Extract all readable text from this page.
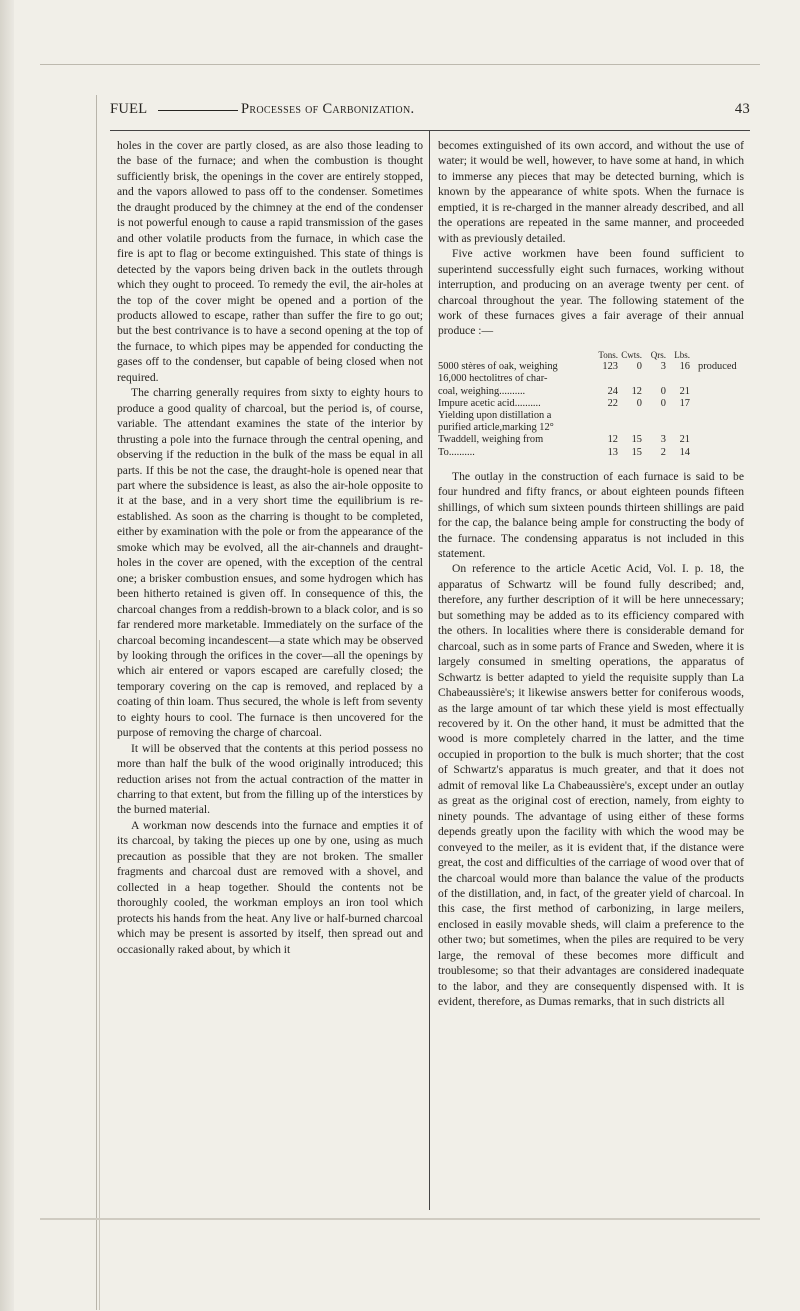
FUEL	Processes of Carbonization.	43

holes in the cover are partly closed, as are also those leading to the base of the furnace; and when the combustion is thought sufficiently brisk, the openings in the cover are entirely stopped, and the vapors allowed to pass off to the condenser. Sometimes the draught produced by the chimney at the end of the condenser is not powerful enough to cause a rapid transmission of the gases and other volatile products from the furnace, in which case the fire is apt to flag or become extinguished. This state of things is detected by the vapors being driven back in the outlets through which they ought to proceed. To remedy the evil, the air-holes at the top of the cover might be opened and a portion of the products allowed to escape, rather than suffer the fire to go out; but the best contrivance is to have a second opening at the top of the furnace, to which pipes may be appended for conducting the gases off to the condenser, but capable of being closed when not required.

The charring generally requires from sixty to eighty hours to produce a good quality of charcoal, but the period is, of course, variable. The attendant examines the state of the interior by thrusting a pole into the furnace through the central opening, and observing if the reduction in the bulk of the mass be equal in all parts. If this be not the case, the draught-hole is opened near that part where the subsidence is least, as also the air-hole opposite to it at the base, and in a very short time the equilibrium is re-established. As soon as the charring is thought to be completed, either by examination with the pole or from the appearance of the smoke which may be evolved, all the air-channels and draught-holes in the cover are opened, with the exception of the central one; a brisker combustion ensues, and some hydrogen which has been hitherto retained is given off. In consequence of this, the charcoal changes from a reddish-brown to a black color, and is so far rendered more marketable. Immediately on the surface of the charcoal becoming incandescent—a state which may be observed by looking through the orifices in the cover—all the openings by which air entered or vapors escaped are carefully closed; the temporary covering on the cap is removed, and replaced by a coating of thin loam. Thus secured, the whole is left from seventy to eighty hours to cool. The furnace is then uncovered for the purpose of removing the charge of charcoal.

It will be observed that the contents at this period possess no more than half the bulk of the wood originally introduced; this reduction arises not from the actual contraction of the matter in charring to that extent, but from the filling up of the interstices by the burned material.

A workman now descends into the furnace and empties it of its charcoal, by taking the pieces up one by one, using as much precaution as possible that they are not broken. The smaller fragments and charcoal dust are removed with a shovel, and collected in a heap together. Should the contents not be thoroughly cooled, the workman employs an iron tool which protects his hands from the heat. Any live or half-burned charcoal which may be present is assorted by itself, then spread out and occasionally raked about, by which it

becomes extinguished of its own accord, and without the use of water; it would be well, however, to have some at hand, in which to immerse any pieces that may be detected burning, which is known by the appearance of white spots. When the furnace is emptied, it is re-charged in the manner already described, and all the operations are repeated in the same manner, and proceeded with as previously detailed.

Five active workmen have been found sufficient to superintend successfully eight such furnaces, working without interruption, and producing on an average twenty per cent. of charcoal throughout the year. The following statement of the work of these furnaces gives a fair average of their annual produce :—

Tons. Cwts. Qrs. Lbs.
5000 stères of oak, weighing	123	0	3	16 produced
16,000 hectolitres of char-
coal, weighing..........	24	12	0	21
Impure acetic acid..........	22	0	0	17
Yielding upon distillation a
purified article,marking 12°
Twaddell, weighing from	12	15	3	21
To..........	13	15	2	14

The outlay in the construction of each furnace is said to be four hundred and fifty francs, or about eighteen pounds fifteen shillings, of which sum sixteen pounds thirteen shillings are paid for the cap, the balance being ample for constructing the body of the furnace. The condensing apparatus is not included in this statement.

On reference to the article Acetic Acid, Vol. I. p. 18, the apparatus of Schwartz will be found fully described; and, therefore, any further description of it will be here unnecessary; but something may be added as to its efficiency compared with the others. In localities where there is considerable demand for charcoal, such as in some parts of France and Sweden, where it is largely consumed in smelting operations, the apparatus of Schwartz is better adapted to yield the requisite supply than La Chabeaussière's; it likewise answers better for coniferous woods, as the large amount of tar which these yield is most effectually recovered by it. On the other hand, it must be admitted that the wood is more completely charred in the latter, and the time occupied in proportion to the bulk is much shorter; that the cost of Schwartz's apparatus is much greater, and that it does not admit of removal like La Chabeaussière's, except under an outlay as great as the original cost of erection, namely, from eighty to ninety pounds. The advantage of using either of these forms depends greatly upon the facility with which the wood may be conveyed to the meiler, as it is evident that, if the distance were great, the cost and difficulties of the carriage of wood over that of the charcoal would more than balance the value of the products of the distillation, and, in fact, of the greater yield of charcoal. In this case, the first method of carbonizing, in large meilers, enclosed in easily movable sheds, will claim a preference to the other two; but sometimes, when the piles are required to be very large, the removal of these becomes more difficult and troublesome; so that their advantages are considered inadequate to the labor, and they are consequently dispensed with. It is evident, therefore, as Dumas remarks, that in such districts all
